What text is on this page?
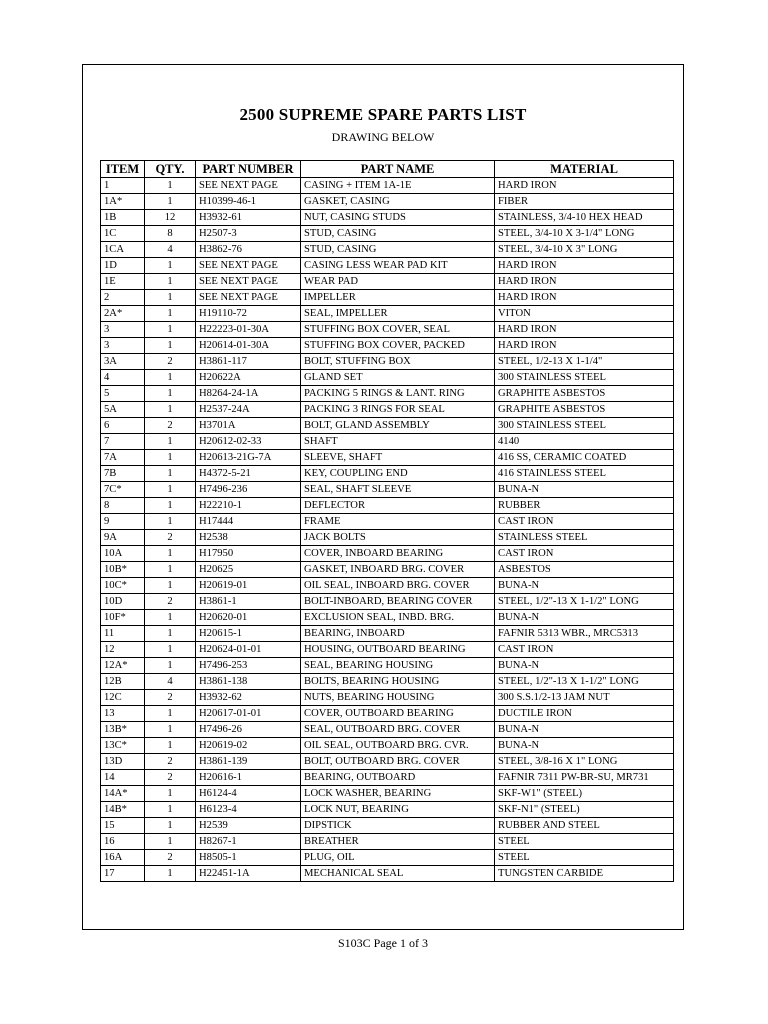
2500 SUPREME SPARE PARTS LIST
DRAWING BELOW
ITEM	QTY.	PART NUMBER	PART NAME	MATERIAL
1	1	SEE NEXT PAGE	CASING + ITEM 1A-1E	HARD IRON
1A*	1	H10399-46-1	GASKET, CASING	FIBER
1B	12	H3932-61	NUT, CASING STUDS	STAINLESS, 3/4-10 HEX HEAD
1C	8	H2507-3	STUD, CASING	STEEL, 3/4-10 X 3-1/4" LONG
1CA	4	H3862-76	STUD, CASING	STEEL, 3/4-10 X 3" LONG
1D	1	SEE NEXT PAGE	CASING LESS WEAR PAD KIT	HARD IRON
1E	1	SEE NEXT PAGE	WEAR PAD	HARD IRON
2	1	SEE NEXT PAGE	IMPELLER	HARD IRON
2A*	1	H19110-72	SEAL, IMPELLER	VITON
3	1	H22223-01-30A	STUFFING BOX COVER, SEAL	HARD IRON
3	1	H20614-01-30A	STUFFING BOX COVER, PACKED	HARD IRON
3A	2	H3861-117	BOLT, STUFFING BOX	STEEL, 1/2-13 X 1-1/4"
4	1	H20622A	GLAND SET	300 STAINLESS STEEL
5	1	H8264-24-1A	PACKING 5 RINGS & LANT. RING	GRAPHITE ASBESTOS
5A	1	H2537-24A	PACKING 3 RINGS FOR SEAL	GRAPHITE ASBESTOS
6	2	H3701A	BOLT, GLAND ASSEMBLY	300 STAINLESS STEEL
7	1	H20612-02-33	SHAFT	4140
7A	1	H20613-21G-7A	SLEEVE, SHAFT	416 SS, CERAMIC COATED
7B	1	H4372-5-21	KEY, COUPLING END	416 STAINLESS STEEL
7C*	1	H7496-236	SEAL, SHAFT SLEEVE	BUNA-N
8	1	H22210-1	DEFLECTOR	RUBBER
9	1	H17444	FRAME	CAST IRON
9A	2	H2538	JACK BOLTS	STAINLESS STEEL
10A	1	H17950	COVER, INBOARD BEARING	CAST IRON
10B*	1	H20625	GASKET, INBOARD BRG. COVER	ASBESTOS
10C*	1	H20619-01	OIL SEAL, INBOARD BRG. COVER	BUNA-N
10D	2	H3861-1	BOLT-INBOARD, BEARING COVER	STEEL, 1/2"-13 X 1-1/2" LONG
10F*	1	H20620-01	EXCLUSION SEAL, INBD. BRG.	BUNA-N
11	1	H20615-1	BEARING, INBOARD	FAFNIR 5313 WBR., MRC5313
12	1	H20624-01-01	HOUSING, OUTBOARD BEARING	CAST IRON
12A*	1	H7496-253	SEAL, BEARING HOUSING	BUNA-N
12B	4	H3861-138	BOLTS, BEARING HOUSING	STEEL, 1/2"-13 X 1-1/2" LONG
12C	2	H3932-62	NUTS, BEARING HOUSING	300 S.S.1/2-13 JAM NUT
13	1	H20617-01-01	COVER, OUTBOARD BEARING	DUCTILE IRON
13B*	1	H7496-26	SEAL, OUTBOARD BRG. COVER	BUNA-N
13C*	1	H20619-02	OIL SEAL, OUTBOARD BRG. CVR.	BUNA-N
13D	2	H3861-139	BOLT, OUTBOARD BRG. COVER	STEEL, 3/8-16 X 1" LONG
14	2	H20616-1	BEARING, OUTBOARD	FAFNIR 7311 PW-BR-SU, MR731
14A*	1	H6124-4	LOCK WASHER, BEARING	SKF-W1" (STEEL)
14B*	1	H6123-4	LOCK NUT, BEARING	SKF-N1" (STEEL)
15	1	H2539	DIPSTICK	RUBBER AND STEEL
16	1	H8267-1	BREATHER	STEEL
16A	2	H8505-1	PLUG, OIL	STEEL
17	1	H22451-1A	MECHANICAL SEAL	TUNGSTEN CARBIDE
S103C Page 1 of 3
